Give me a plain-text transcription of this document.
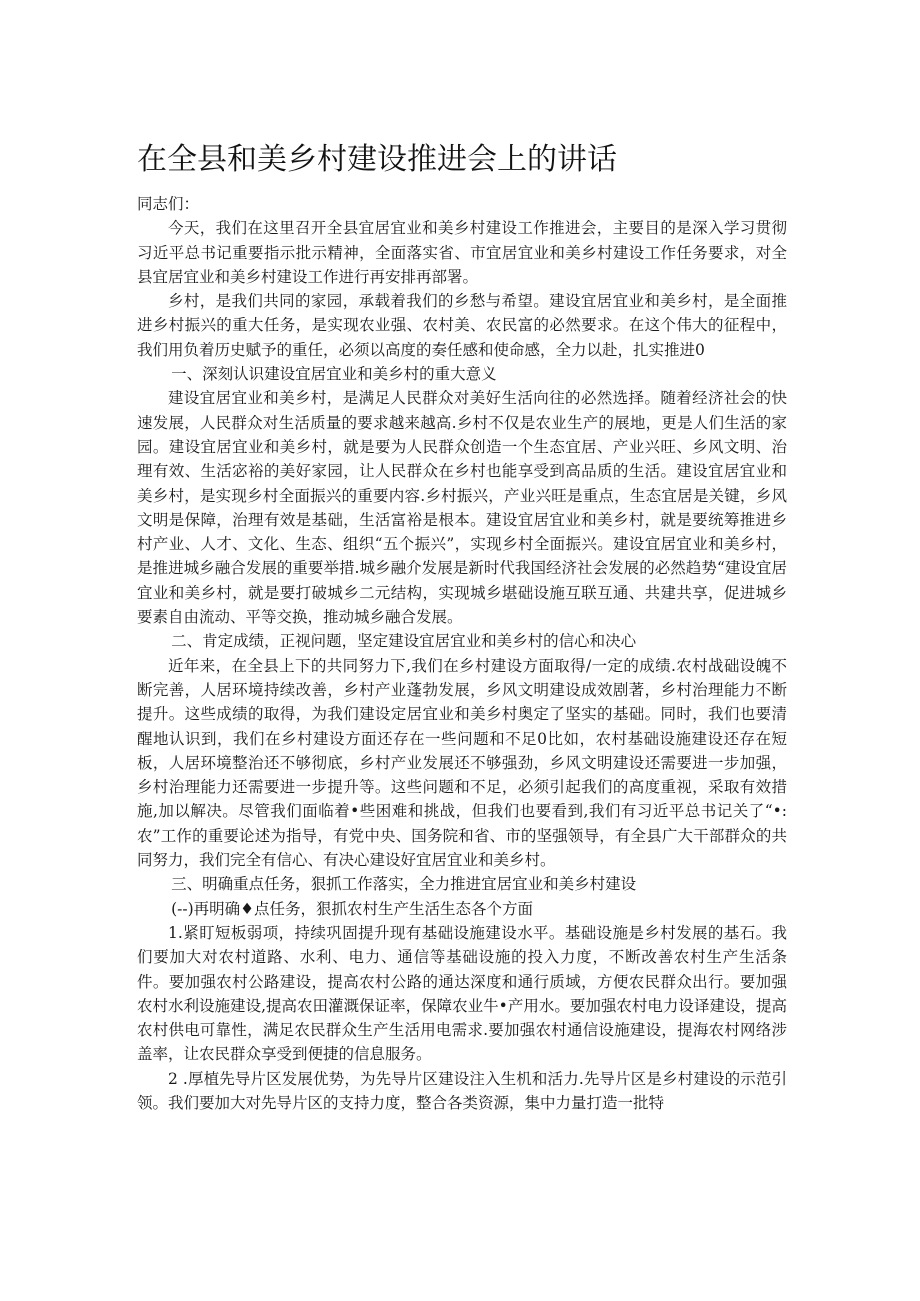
在全县和美乡村建设推进会上的讲话

同志们：

今天，我们在这里召开全县宜居宜业和美乡村建设工作推进会，主要目的是深入学习贯彻习近平总书记重要指示批示精神，全面落实省、市宜居宜业和美乡村建设工作任务要求，对全县宜居宜业和美乡村建设工作进行再安排再部署。

乡村，是我们共同的家园，承载着我们的乡愁与希望。建设宜居宜业和美乡村，是全面推进乡村振兴的重大任务，是实现农业强、农村美、农民富的必然要求。在这个伟大的征程中，我们用负着历史赋予的重任，必须以高度的奏任感和使命感，全力以赴，扎实推进0

一、深刻认识建设宜居宜业和美乡村的重大意义

建设宜居宜业和美乡村，是满足人民群众对美好生活向往的必然选择。随着经济社会的快速发展，人民群众对生活质量的要求越来越高.乡村不仅是农业生产的展地，更是人们生活的家园。建设宜居宜业和美乡村，就是要为人民群众创造一个生态宜居、产业兴旺、乡风文明、治理有效、生活宓裕的美好家园，让人民群众在乡村也能享受到高品质的生活。建设宜居宜业和美乡村，是实现乡村全面振兴的重要内容.乡村振兴，产业兴旺是重点，生态宜居是关键，乡风文明是保障，治理有效是基础，生活富裕是根本。建设宜居宜业和美乡村，就是要统筹推进乡村产业、人才、文化、生态、组织“五个振兴”，实现乡村全面振兴。建设宜居宜业和美乡村，是推进城乡融合发展的重要举措.城乡融介发展是新时代我国经济社会发展的必然趋势“建设宜居宜业和美乡村，就是要打破城乡二元结构，实现城乡堪础设施互联互通、共建共享，促进城乡要素自由流动、平等交换，推动城乡融合发展。

二、肯定成绩，正视问题，坚定建设宜居宜业和美乡村的信心和决心

近年来，在全县上下的共同努力下,我们在乡村建设方面取得/一定的成绩.农村战础设魄不断完善，人居环境持续改善，乡村产业蓬勃发展，乡风文明建设成效剧著，乡村治理能力不断提升。这些成绩的取得，为我们建设定居宜业和美乡村奥定了坚实的基础。同时，我们也要清醒地认识到，我们在乡村建设方面还存在一些问题和不足0比如，农村基础设施建设还存在短板，人居环境整治还不够彻底，乡村产业发展还不够强劲，乡风文明建设还需要进一步加强，乡村治理能力还需要进一步提升等。这些问题和不足，必须引起我们的高度重视，采取有效措施,加以解决。尽管我们面临着•些困难和挑战，但我们也要看到,我们有习近平总书记关了“•:农”工作的重要论述为指导，有党中央、国务院和省、市的坚强领导，有全县广大干部群众的共同努力，我们完全有信心、有决心建设好宜居宜业和美乡村。

三、明确重点任务，狠抓工作落实，全力推进宜居宜业和美乡村建设

(--)再明确♦点任务，狠抓农村生产生活生态各个方面

1.紧盯短板弱项，持续巩固提升现有基础设施建设水平。基础设施是乡村发展的基石。我们要加大对农村道路、水利、电力、通信等基础设施的投入力度，不断改善农村生产生活条件。要加强农村公路建设，提高农村公路的通达深度和通行质域，方便农民群众出行。要加强农村水利设施建设,提高农田灌溉保证率，保障农业牛•产用水。要加强农村电力设译建设，提高农村供电可靠性，满足农民群众生产生活用电需求.要加强农村通信设施建设，提海农村网络涉盖率，让农民群众享受到便捷的信息服务。

2 .厚植先导片区发展优势，为先导片区建设注入生机和活力.先导片区是乡村建设的示范引领。我们要加大对先导片区的支持力度，整合各类资源，集中力量打造一批特
